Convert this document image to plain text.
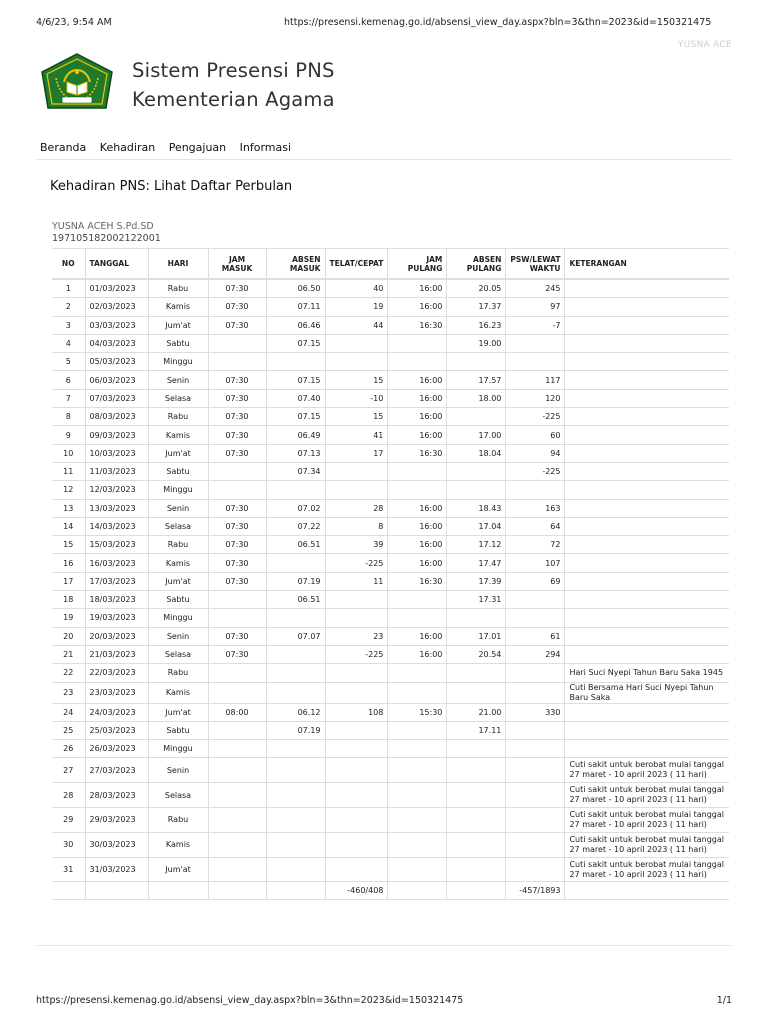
4/6/23, 9:54 AM	https://presensi.kemenag.go.id/absensi_view_day.aspx?bln=3&thn=2023&id=150321475
YUSNA ACE
Sistem Presensi PNS
Kementerian Agama
Beranda Kehadiran Pengajuan Informasi
Kehadiran PNS: Lihat Daftar Perbulan
YUSNA ACEH S.Pd.SD
197105182002122001
NO	TANGGAL	HARI	JAM MASUK	ABSEN MASUK	TELAT/CEPAT	JAM PULANG	ABSEN PULANG	PSW/LEWAT WAKTU	KETERANGAN
1	01/03/2023	Rabu	07:30	06.50	40	16:00	20.05	245	
2	02/03/2023	Kamis	07:30	07.11	19	16:00	17.37	97	
3	03/03/2023	Jum'at	07:30	06.46	44	16:30	16.23	-7	
4	04/03/2023	Sabtu		07.15			19.00		
5	05/03/2023	Minggu							
6	06/03/2023	Senin	07:30	07.15	15	16:00	17.57	117	
7	07/03/2023	Selasa	07:30	07.40	-10	16:00	18.00	120	
8	08/03/2023	Rabu	07:30	07.15	15	16:00		-225	
9	09/03/2023	Kamis	07:30	06.49	41	16:00	17.00	60	
10	10/03/2023	Jum'at	07:30	07.13	17	16:30	18.04	94	
11	11/03/2023	Sabtu		07.34				-225	
12	12/03/2023	Minggu							
13	13/03/2023	Senin	07:30	07.02	28	16:00	18.43	163	
14	14/03/2023	Selasa	07:30	07.22	8	16:00	17.04	64	
15	15/03/2023	Rabu	07:30	06.51	39	16:00	17.12	72	
16	16/03/2023	Kamis	07:30		-225	16:00	17.47	107	
17	17/03/2023	Jum'at	07:30	07.19	11	16:30	17.39	69	
18	18/03/2023	Sabtu		06.51			17.31		
19	19/03/2023	Minggu							
20	20/03/2023	Senin	07:30	07.07	23	16:00	17.01	61	
21	21/03/2023	Selasa	07:30		-225	16:00	20.54	294	
22	22/03/2023	Rabu							Hari Suci Nyepi Tahun Baru Saka 1945
23	23/03/2023	Kamis							Cuti Bersama Hari Suci Nyepi Tahun Baru Saka
24	24/03/2023	Jum'at	08:00	06.12	108	15:30	21.00	330	
25	25/03/2023	Sabtu		07.19			17.11		
26	26/03/2023	Minggu							
27	27/03/2023	Senin							Cuti sakit untuk berobat mulai tanggal 27 maret - 10 april 2023 ( 11 hari)
28	28/03/2023	Selasa							Cuti sakit untuk berobat mulai tanggal 27 maret - 10 april 2023 ( 11 hari)
29	29/03/2023	Rabu							Cuti sakit untuk berobat mulai tanggal 27 maret - 10 april 2023 ( 11 hari)
30	30/03/2023	Kamis							Cuti sakit untuk berobat mulai tanggal 27 maret - 10 april 2023 ( 11 hari)
31	31/03/2023	Jum'at							Cuti sakit untuk berobat mulai tanggal 27 maret - 10 april 2023 ( 11 hari)
					-460/408			-457/1893	
https://presensi.kemenag.go.id/absensi_view_day.aspx?bln=3&thn=2023&id=150321475	1/1
